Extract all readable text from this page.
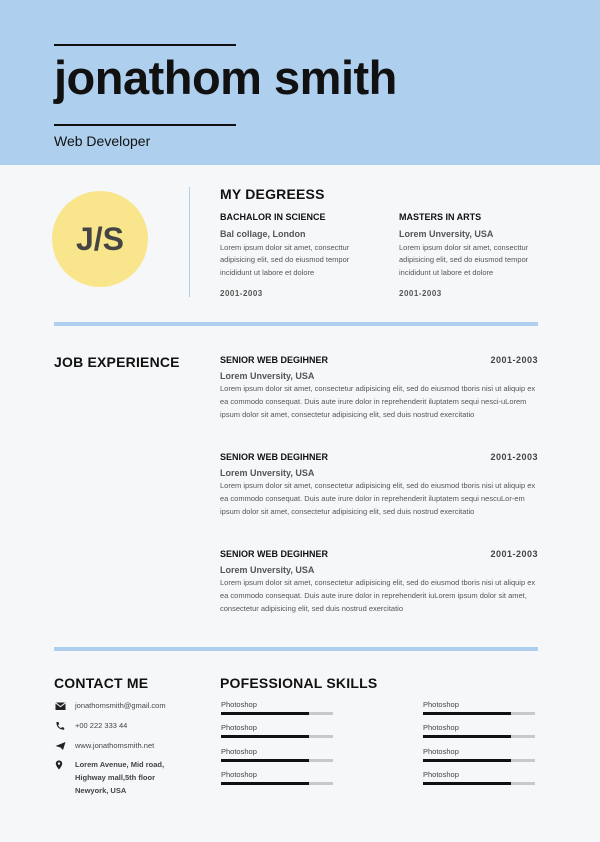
jonathom smith
Web Developer
J/S
MY DEGREESS
BACHALOR IN SCIENCE
Bal collage, London
Lorem ipsum dolor sit amet, consecttur adipisicing elit, sed do eiusmod tempor incididunt ut labore et dolore
2001-2003
MASTERS IN ARTS
Lorem Unversity, USA
Lorem ipsum dolor sit amet, consecttur adipisicing elit, sed do eiusmod tempor incididunt ut labore et dolore
2001-2003
JOB EXPERIENCE	SENIOR WEB DEGIHNER	2001-2003
Lorem Unversity, USA
Lorem ipsum dolor sit amet, consectetur adipisicing elit, sed do eiusmod tboris nisi ut aliquip ex ea commodo consequat. Duis aute irure dolor in reprehenderit iluptatem sequi nesci-uLorem ipsum dolor sit amet, consectetur adipisicing elit, sed duis nostrud exercitatio
SENIOR WEB DEGIHNER	2001-2003
Lorem Unversity, USA
Lorem ipsum dolor sit amet, consectetur adipisicing elit, sed do eiusmod tboris nisi ut aliquip ex ea commodo consequat. Duis aute irure dolor in reprehenderit iluptatem sequi nescuLor-em ipsum dolor sit amet, consectetur adipisicing elit, sed duis nostrud exercitatio
SENIOR WEB DEGIHNER	2001-2003
Lorem Unversity, USA
Lorem ipsum dolor sit amet, consectetur adipisicing elit, sed do eiusmod tboris nisi ut aliquip ex ea commodo consequat. Duis aute irure dolor in reprehenderit iuLorem ipsum dolor sit amet, consectetur adipisicing elit, sed duis nostrud exercitatio
CONTACT ME
jonathomsmith@gmail.com
+00 222 333 44
www.jonathomsmith.net
Lorem Avenue, Mid road,
Highway mall,5th floor
Newyork, USA
POFESSIONAL SKILLS
Photoshop
Photoshop
Photoshop
Photoshop
Photoshop
Photoshop
Photoshop
Photoshop
